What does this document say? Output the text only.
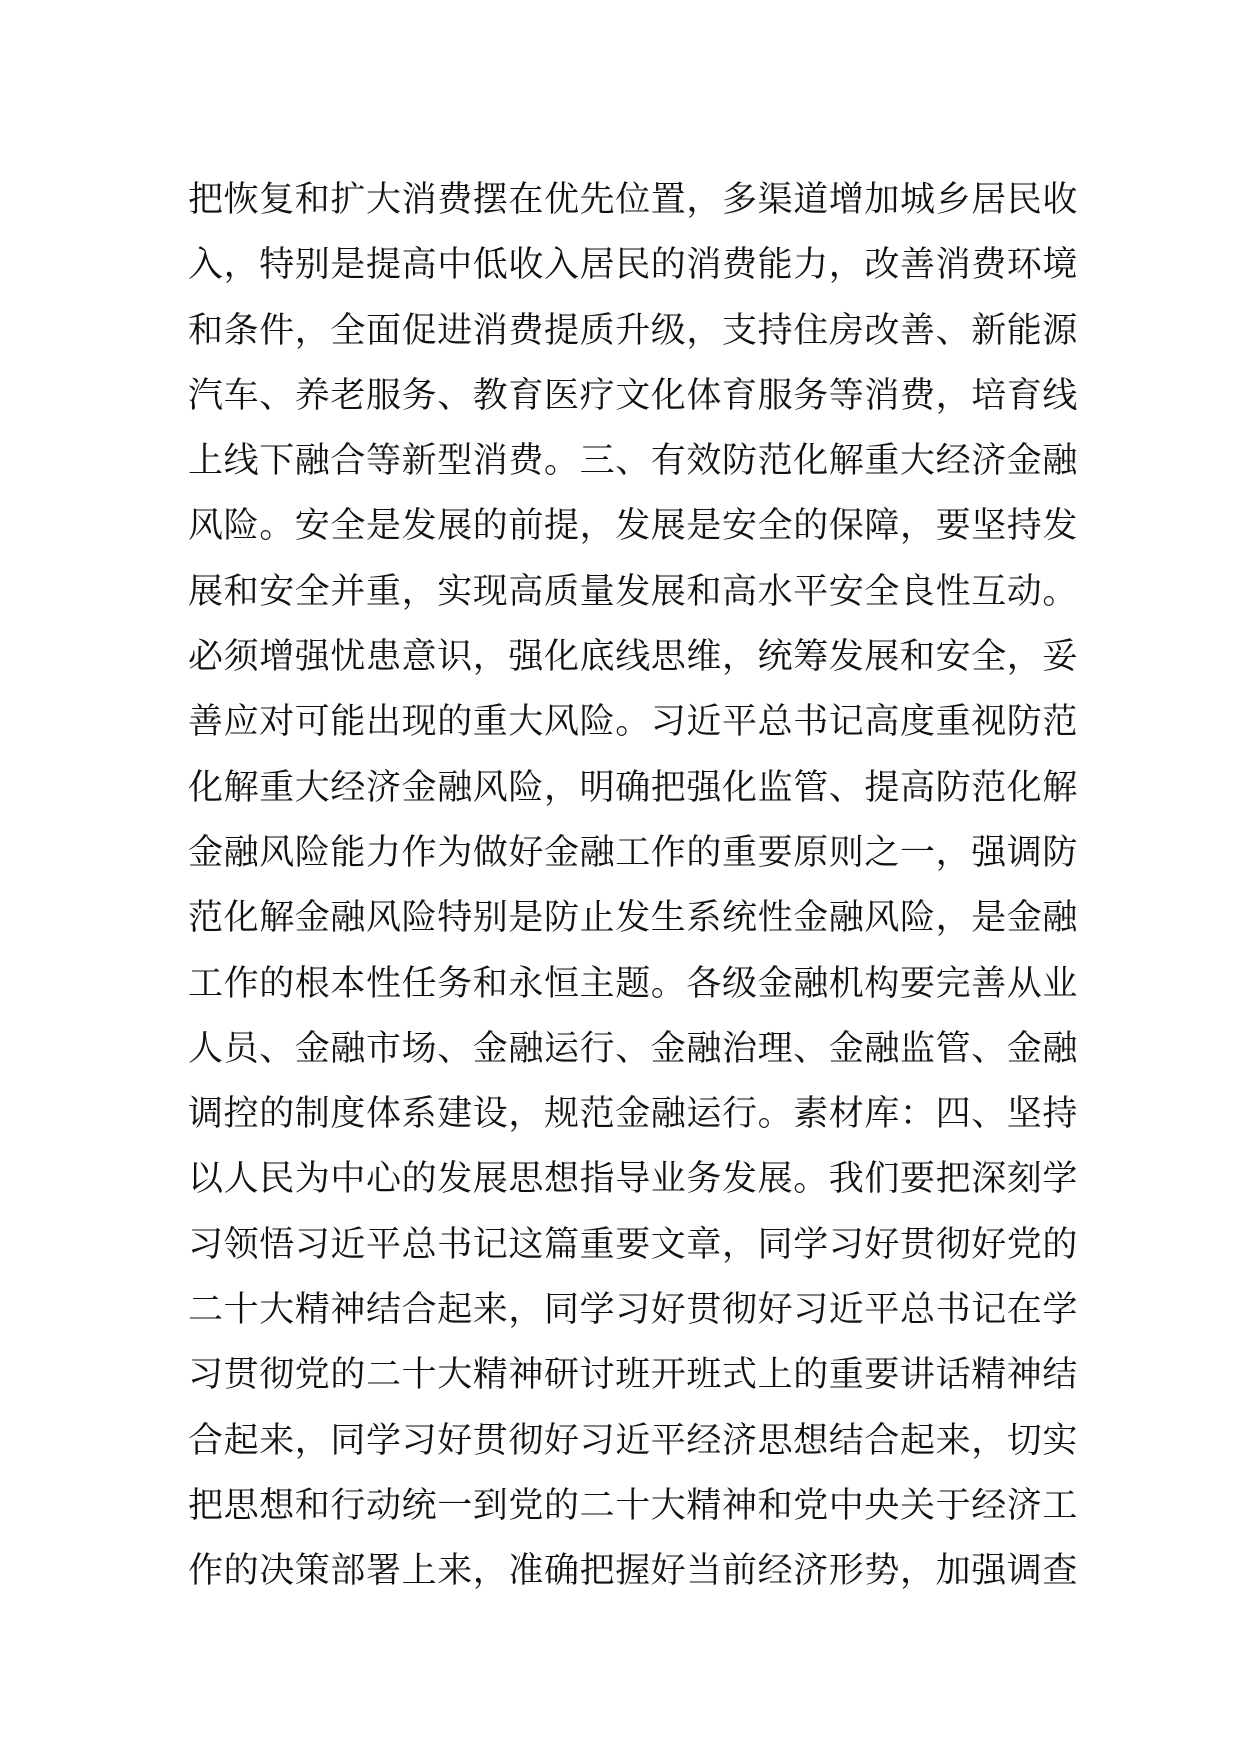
把恢复和扩大消费摆在优先位置，多渠道增加城乡居民收
入，特别是提高中低收入居民的消费能力，改善消费环境
和条件，全面促进消费提质升级，支持住房改善、新能源
汽车、养老服务、教育医疗文化体育服务等消费，培育线
上线下融合等新型消费。三、有效防范化解重大经济金融
风险。安全是发展的前提，发展是安全的保障，要坚持发
展和安全并重，实现高质量发展和高水平安全良性互动。
必须增强忧患意识，强化底线思维，统筹发展和安全，妥
善应对可能出现的重大风险。习近平总书记高度重视防范
化解重大经济金融风险，明确把强化监管、提高防范化解
金融风险能力作为做好金融工作的重要原则之一，强调防
范化解金融风险特别是防止发生系统性金融风险，是金融
工作的根本性任务和永恒主题。各级金融机构要完善从业
人员、金融市场、金融运行、金融治理、金融监管、金融
调控的制度体系建设，规范金融运行。素材库：四、坚持
以人民为中心的发展思想指导业务发展。我们要把深刻学
习领悟习近平总书记这篇重要文章，同学习好贯彻好党的
二十大精神结合起来，同学习好贯彻好习近平总书记在学
习贯彻党的二十大精神研讨班开班式上的重要讲话精神结
合起来，同学习好贯彻好习近平经济思想结合起来，切实
把思想和行动统一到党的二十大精神和党中央关于经济工
作的决策部署上来，准确把握好当前经济形势，加强调查
